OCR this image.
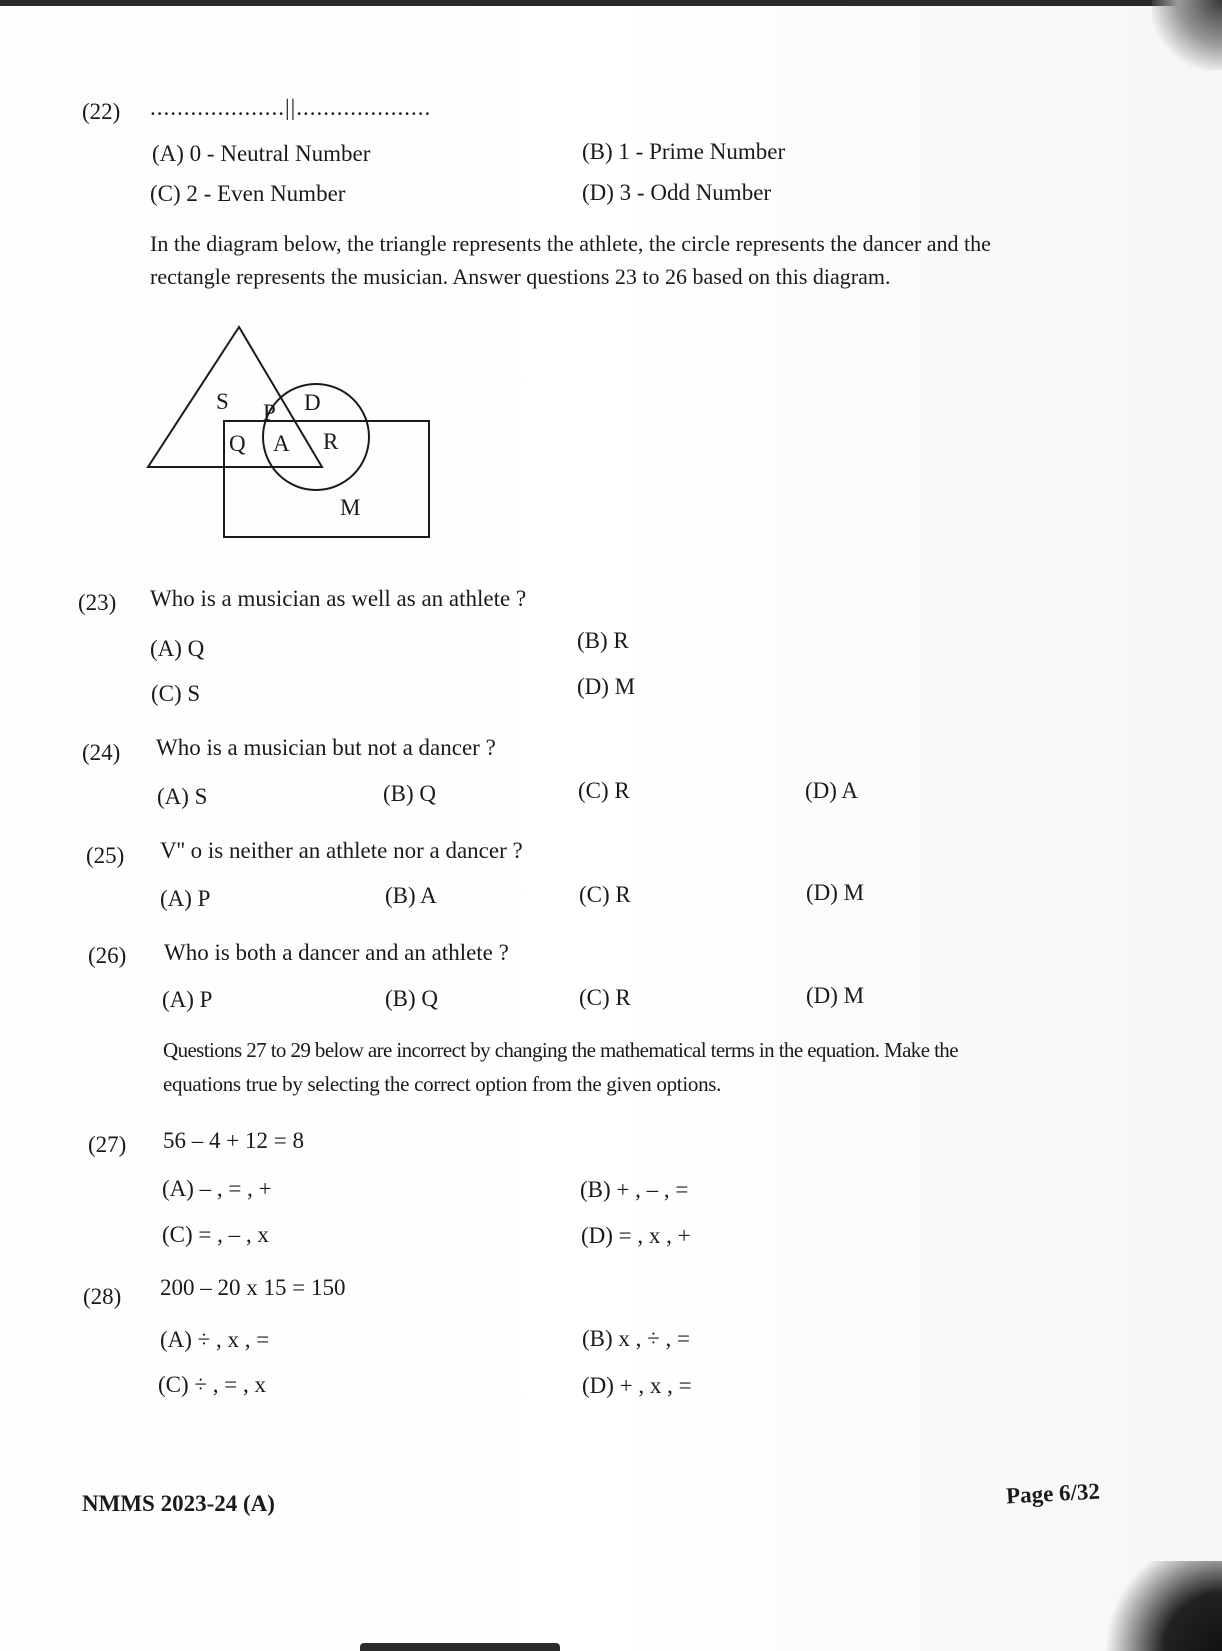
(22) ....................||....................
(A) 0 - Neutral Number	(B) 1 - Prime Number
(C) 2 - Even Number	(D) 3 - Odd Number
In the diagram below, the triangle represents the athlete, the circle represents the dancer and the
rectangle represents the musician. Answer questions 23 to 26 based on this diagram.
S P D
Q A R
M
(23) Who is a musician as well as an athlete ?
(A) Q	(B) R
(C) S	(D) M
(24) Who is a musician but not a dancer ?
(A) S	(B) Q	(C) R	(D) A
(25) V'' o is neither an athlete nor a dancer ?
(A) P	(B) A	(C) R	(D) M
(26) Who is both a dancer and an athlete ?
(A) P	(B) Q	(C) R	(D) M
Questions 27 to 29 below are incorrect by changing the mathematical terms in the equation. Make the
equations true by selecting the correct option from the given options.
(27) 56 – 4 + 12 = 8
(A) – , = , +	(B) + , – , =
(C) = , – , x	(D) = , x , +
(28) 200 – 20 x 15 = 150
(A) ÷ , x , =	(B) x , ÷ , =
(C) ÷ , = , x	(D) + , x , =
NMMS 2023-24 (A)	Page 6/32
